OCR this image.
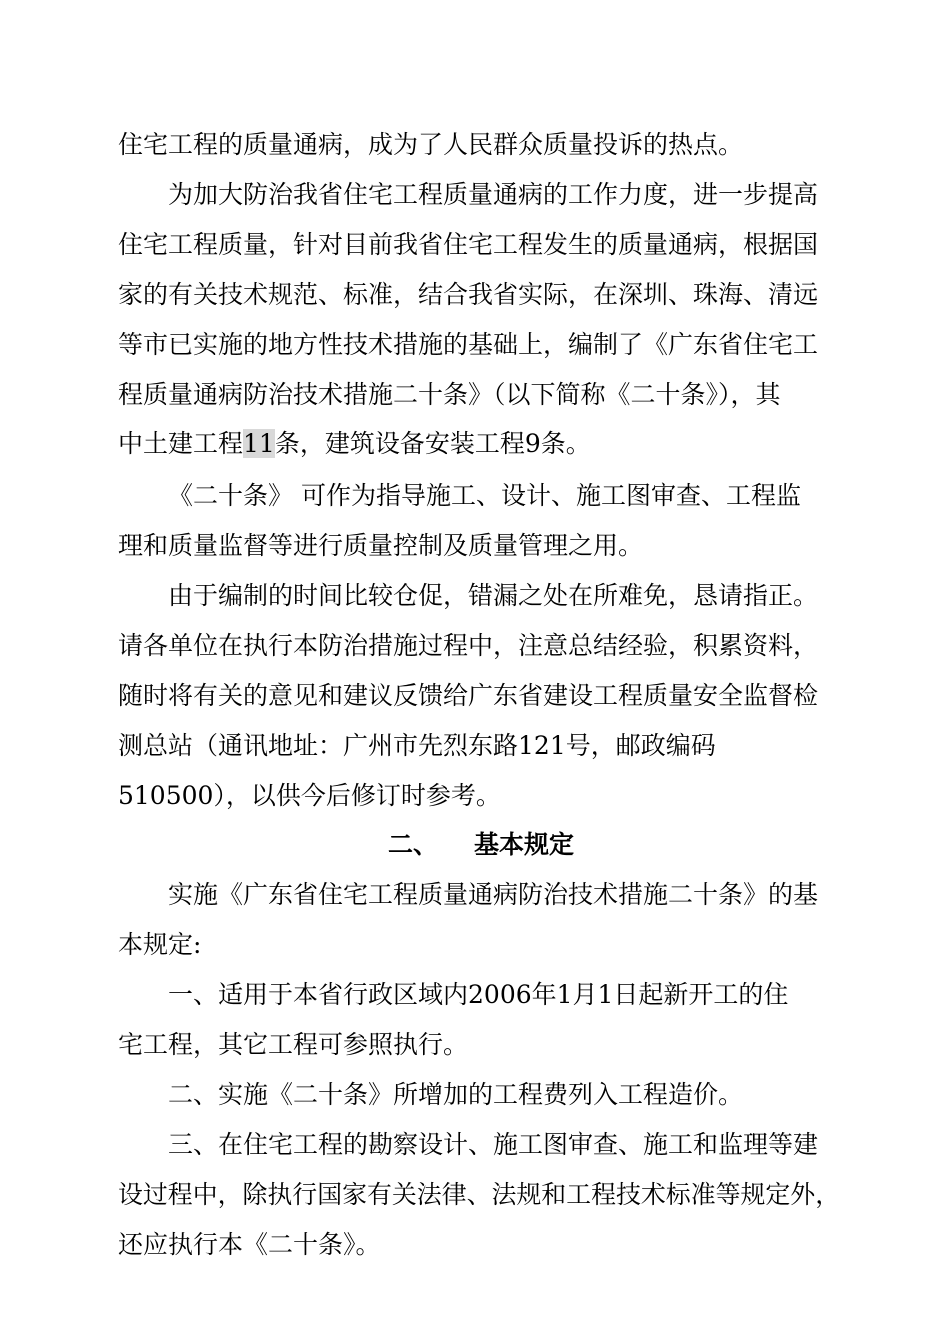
住宅工程的质量通病，成为了人民群众质量投诉的热点。
为加大防治我省住宅工程质量通病的工作力度，进一步提高
住宅工程质量，针对目前我省住宅工程发生的质量通病，根据国
家的有关技术规范、标准，结合我省实际，在深圳、珠海、清远
等市已实施的地方性技术措施的基础上，编制了《广东省住宅工
程质量通病防治技术措施二十条》（以下简称《二十条》），其
中土建工程11条，建筑设备安装工程9条。
《二十条》 可作为指导施工、设计、施工图审查、工程监
理和质量监督等进行质量控制及质量管理之用。
由于编制的时间比较仓促，错漏之处在所难免，恳请指正。
请各单位在执行本防治措施过程中，注意总结经验，积累资料，
随时将有关的意见和建议反馈给广东省建设工程质量安全监督检
测总站（通讯地址：广州市先烈东路121号，邮政编码
510500），以供今后修订时参考。
二、 基本规定
实施《广东省住宅工程质量通病防治技术措施二十条》的基
本规定:
一、适用于本省行政区域内2006年1月1日起新开工的住
宅工程，其它工程可参照执行。
二、实施《二十条》所增加的工程费列入工程造价。
三、在住宅工程的勘察设计、施工图审查、施工和监理等建
设过程中，除执行国家有关法律、法规和工程技术标准等规定外，
还应执行本《二十条》。
